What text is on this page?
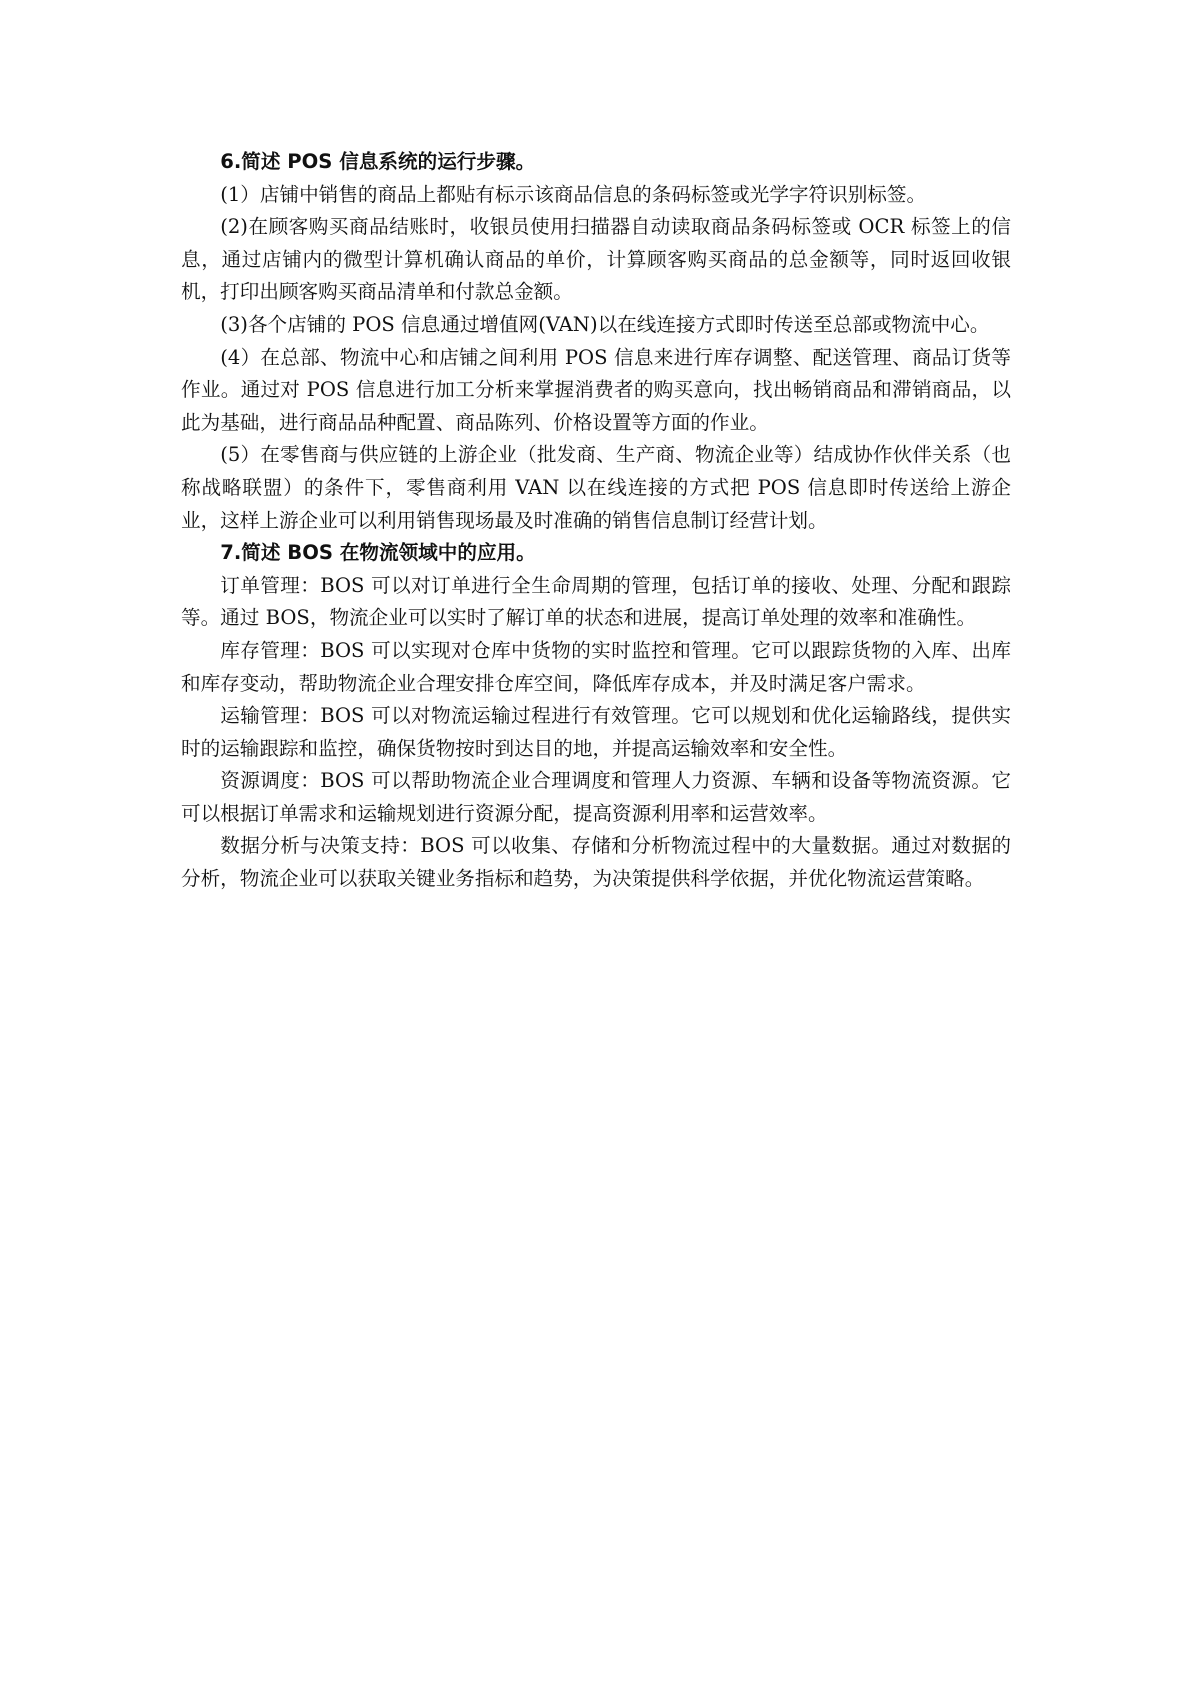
6.简述 POS 信息系统的运行步骤。

(1）店铺中销售的商品上都贴有标示该商品信息的条码标签或光学字符识别标签。

(2)在顾客购买商品结账时，收银员使用扫描器自动读取商品条码标签或 OCR 标签上的信息，通过店铺内的微型计算机确认商品的单价，计算顾客购买商品的总金额等，同时返回收银机，打印出顾客购买商品清单和付款总金额。

(3)各个店铺的 POS 信息通过增值网(VAN)以在线连接方式即时传送至总部或物流中心。

(4）在总部、物流中心和店铺之间利用 POS 信息来进行库存调整、配送管理、商品订货等作业。通过对 POS 信息进行加工分析来掌握消费者的购买意向，找出畅销商品和滞销商品，以此为基础，进行商品品种配置、商品陈列、价格设置等方面的作业。

(5）在零售商与供应链的上游企业（批发商、生产商、物流企业等）结成协作伙伴关系（也称战略联盟）的条件下，零售商利用 VAN 以在线连接的方式把 POS 信息即时传送给上游企业，这样上游企业可以利用销售现场最及时准确的销售信息制订经营计划。

7.简述 BOS 在物流领域中的应用。

订单管理：BOS 可以对订单进行全生命周期的管理，包括订单的接收、处理、分配和跟踪等。通过 BOS，物流企业可以实时了解订单的状态和进展，提高订单处理的效率和准确性。

库存管理：BOS 可以实现对仓库中货物的实时监控和管理。它可以跟踪货物的入库、出库和库存变动，帮助物流企业合理安排仓库空间，降低库存成本，并及时满足客户需求。

运输管理：BOS 可以对物流运输过程进行有效管理。它可以规划和优化运输路线，提供实时的运输跟踪和监控，确保货物按时到达目的地，并提高运输效率和安全性。

资源调度：BOS 可以帮助物流企业合理调度和管理人力资源、车辆和设备等物流资源。它可以根据订单需求和运输规划进行资源分配，提高资源利用率和运营效率。

数据分析与决策支持：BOS 可以收集、存储和分析物流过程中的大量数据。通过对数据的分析，物流企业可以获取关键业务指标和趋势，为决策提供科学依据，并优化物流运营策略。
